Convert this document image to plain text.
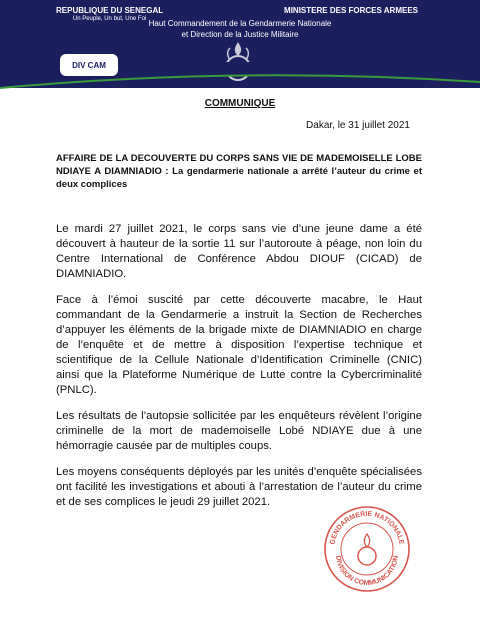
REPUBLIQUE DU SENEGAL
Un Peuple, Un but, Une Foi
MINISTERE DES FORCES ARMEES
Haut Commandement de la Gendarmerie Nationale
et Direction de la Justice Militaire
DIV CAM
COMMUNIQUE
Dakar, le 31 juillet 2021
AFFAIRE DE LA DECOUVERTE DU CORPS SANS VIE DE MADEMOISELLE LOBE NDIAYE A DIAMNIADIO : La gendarmerie nationale a arrêté l’auteur du crime et deux complices

Le mardi 27 juillet 2021, le corps sans vie d’une jeune dame a été découvert à hauteur de la sortie 11 sur l’autoroute à péage, non loin du Centre International de Conférence Abdou DIOUF (CICAD) de DIAMNIADIO.

Face à l’émoi suscité par cette découverte macabre, le Haut commandant de la Gendarmerie a instruit la Section de Recherches d’appuyer les éléments de la brigade mixte de DIAMNIADIO en charge de l’enquête et de mettre à disposition l’expertise technique et scientifique de la Cellule Nationale d’Identification Criminelle (CNIC) ainsi que la Plateforme Numérique de Lutte contre la Cybercriminalité (PNLC).

Les résultats de l’autopsie sollicitée par les enquêteurs révèlent l’origine criminelle de la mort de mademoiselle Lobé NDIAYE due à une hémorragie causée par de multiples coups.

Les moyens conséquents déployés par les unités d’enquête spécialisées ont facilité les investigations et abouti à l’arrestation de l’auteur du crime et de ses complices le jeudi 29 juillet 2021.

GENDARMERIE NATIONALE
DIVISION COMMUNICATION
